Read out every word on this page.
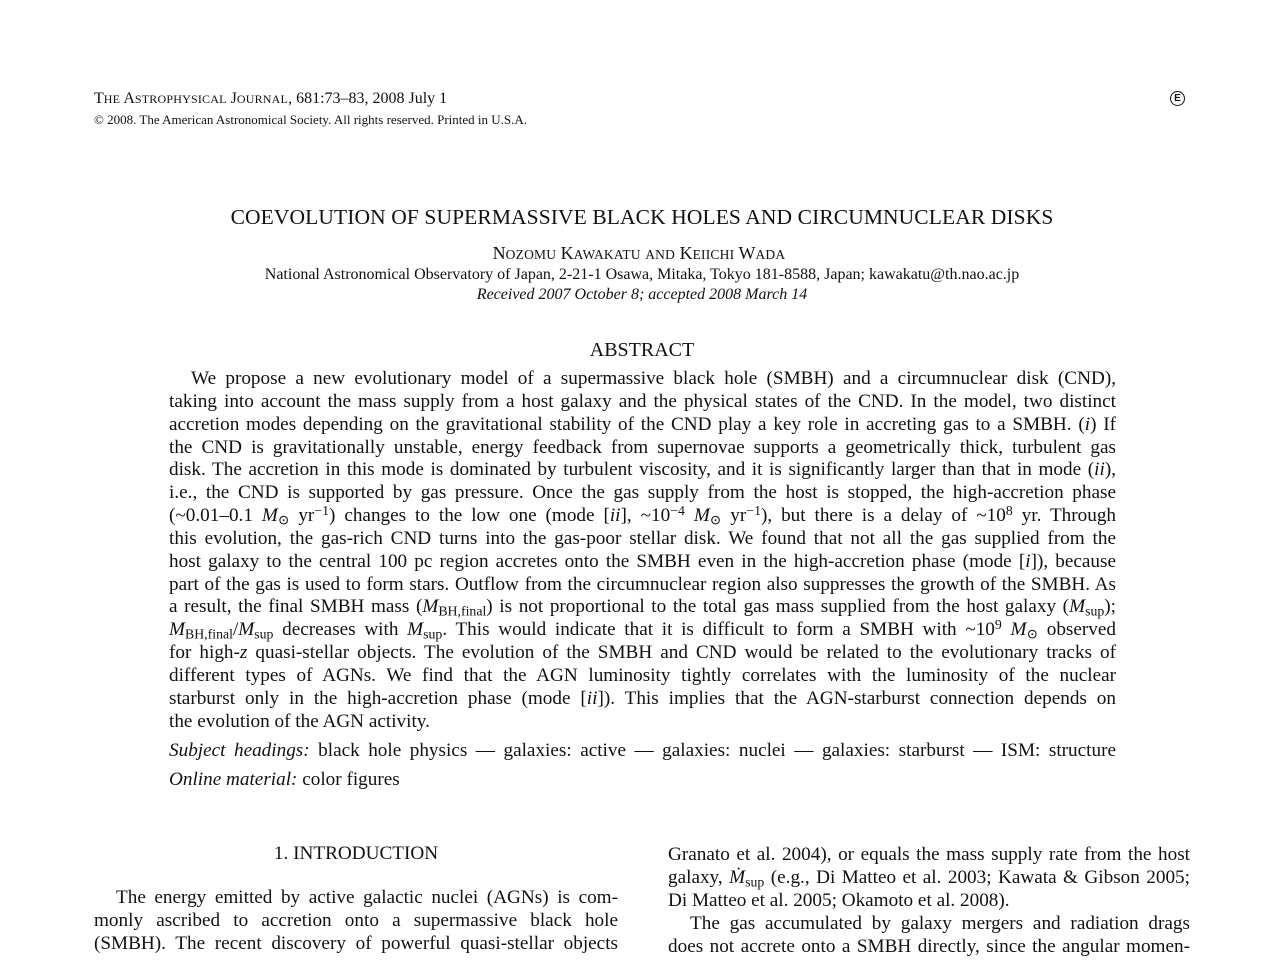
THE ASTROPHYSICAL JOURNAL, 681:73–83, 2008 July 1
© 2008. The American Astronomical Society. All rights reserved. Printed in U.S.A.
E
COEVOLUTION OF SUPERMASSIVE BLACK HOLES AND CIRCUMNUCLEAR DISKS
NOZOMU KAWAKATU AND KEIICHI WADA
National Astronomical Observatory of Japan, 2-21-1 Osawa, Mitaka, Tokyo 181-8588, Japan; kawakatu@th.nao.ac.jp
Received 2007 October 8; accepted 2008 March 14
ABSTRACT
We propose a new evolutionary model of a supermassive black hole (SMBH) and a circumnuclear disk (CND),
taking into account the mass supply from a host galaxy and the physical states of the CND. In the model, two distinct
accretion modes depending on the gravitational stability of the CND play a key role in accreting gas to a SMBH. (i) If
the CND is gravitationally unstable, energy feedback from supernovae supports a geometrically thick, turbulent gas
disk. The accretion in this mode is dominated by turbulent viscosity, and it is significantly larger than that in mode (ii),
i.e., the CND is supported by gas pressure. Once the gas supply from the host is stopped, the high-accretion phase
(~0.01–0.1 M⊙ $yr^{-1}$) changes to the low one (mode [ii], $\sim 10^{-4}$ M⊙ $yr^{-1}$), but there is a delay of $\sim 10^8$ yr. Through
this evolution, the gas-rich CND turns into the gas-poor stellar disk. We found that not all the gas supplied from the
host galaxy to the central 100 pc region accretes onto the SMBH even in the high-accretion phase (mode [i]), because
part of the gas is used to form stars. Outflow from the circumnuclear region also suppresses the growth of the SMBH. As
a result, the final SMBH mass $(M_{BH,final})$ is not proportional to the total gas mass supplied from the host galaxy $(M_{sup})$;
$M_{BH,final}/M_{sup}$ decreases with $M_{sup}$. This would indicate that it is difficult to form a SMBH with $\sim 10^9$ M⊙ observed
for high-z quasi-stellar objects. The evolution of the SMBH and CND would be related to the evolutionary tracks of
different types of AGNs. We find that the AGN luminosity tightly correlates with the luminosity of the nuclear
starburst only in the high-accretion phase (mode [ii]). This implies that the AGN-starburst connection depends on
the evolution of the AGN activity.
Subject headings: black hole physics — galaxies: active — galaxies: nuclei — galaxies: starburst — ISM: structure
Online material: color figures
1. INTRODUCTION
The energy emitted by active galactic nuclei (AGNs) is com-
monly ascribed to accretion onto a supermassive black hole
(SMBH). The recent discovery of powerful quasi-stellar objects
Granato et al. 2004), or equals the mass supply rate from the host
galaxy, Ṁ$_{sup}$ (e.g., Di Matteo et al. 2003; Kawata & Gibson 2005;
Di Matteo et al. 2005; Okamoto et al. 2008).
The gas accumulated by galaxy mergers and radiation drags
does not accrete onto a SMBH directly, since the angular momen-
